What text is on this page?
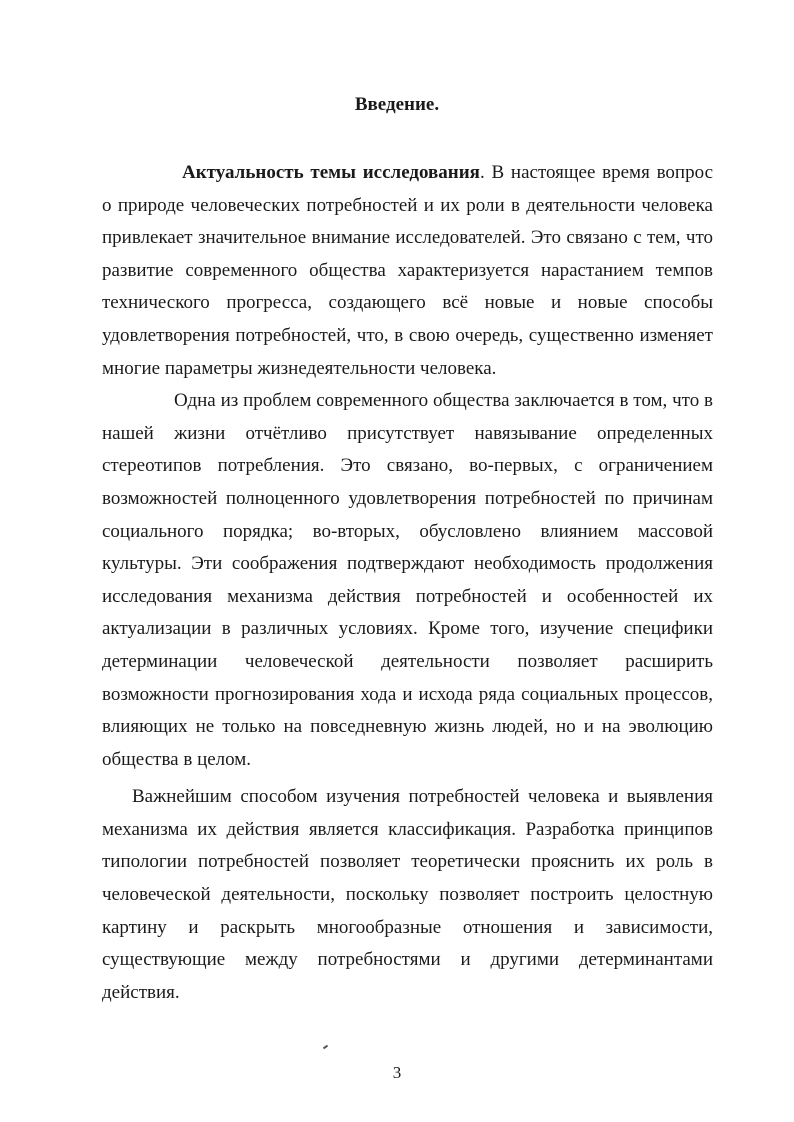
Введение.
Актуальность темы исследования. В настоящее время вопрос
о природе человеческих потребностей и их роли в деятельности человека
привлекает значительное внимание исследователей. Это связано с тем, что
развитие современного общества характеризуется нарастанием темпов
технического прогресса, создающего всё новые и новые способы
удовлетворения потребностей, что, в свою очередь, существенно изменяет
многие параметры жизнедеятельности человека.
Одна из проблем современного общества заключается в том, что в
нашей жизни отчётливо присутствует навязывание определенных
стереотипов потребления. Это связано, во-первых, с ограничением
возможностей полноценного удовлетворения потребностей по причинам
социального порядка; во-вторых, обусловлено влиянием массовой
культуры. Эти соображения подтверждают необходимость продолжения
исследования механизма действия потребностей и особенностей их
актуализации в различных условиях. Кроме того, изучение специфики
детерминации человеческой деятельности позволяет расширить
возможности прогнозирования хода и исхода ряда социальных процессов,
влияющих не только на повседневную жизнь людей, но и на эволюцию
общества в целом.
Важнейшим способом изучения потребностей человека и выявления
механизма их действия является классификация. Разработка принципов
типологии потребностей позволяет теоретически прояснить их роль в
человеческой деятельности, поскольку позволяет построить целостную
картину и раскрыть многообразные отношения и зависимости,
существующие между потребностями и другими детерминантами
действия.
3
